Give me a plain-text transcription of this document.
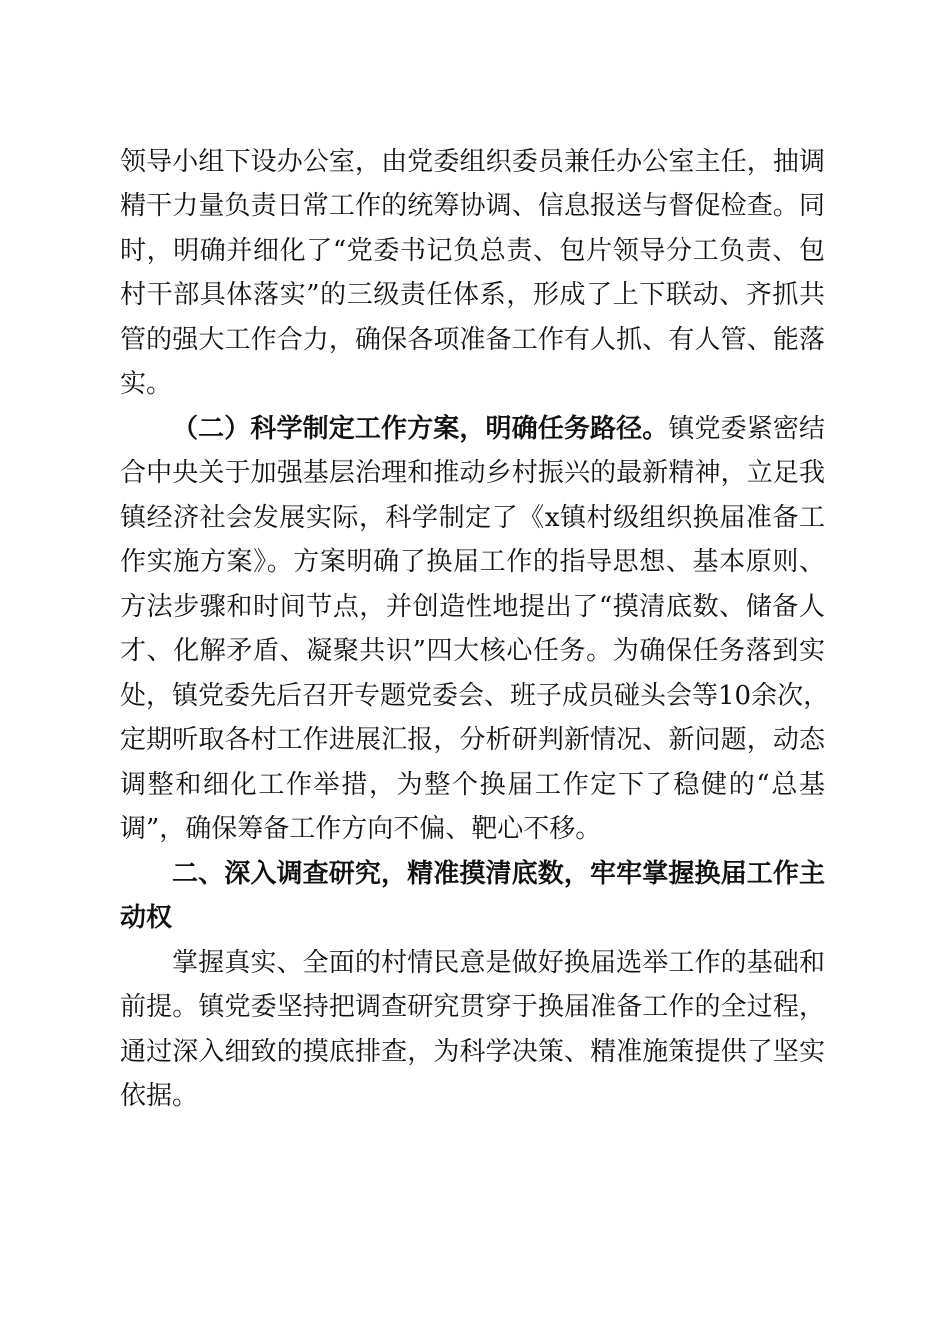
领导小组下设办公室，由党委组织委员兼任办公室主任，抽调
精干力量负责日常工作的统筹协调、信息报送与督促检查。同
时，明确并细化了“党委书记负总责、包片领导分工负责、包
村干部具体落实”的三级责任体系，形成了上下联动、齐抓共
管的强大工作合力，确保各项准备工作有人抓、有人管、能落
实。
（二）科学制定工作方案，明确任务路径。镇党委紧密结
合中央关于加强基层治理和推动乡村振兴的最新精神，立足我
镇经济社会发展实际，科学制定了《x镇村级组织换届准备工
作实施方案》。方案明确了换届工作的指导思想、基本原则、
方法步骤和时间节点，并创造性地提出了“摸清底数、储备人
才、化解矛盾、凝聚共识”四大核心任务。为确保任务落到实
处，镇党委先后召开专题党委会、班子成员碰头会等10余次，
定期听取各村工作进展汇报，分析研判新情况、新问题，动态
调整和细化工作举措，为整个换届工作定下了稳健的“总基
调”，确保筹备工作方向不偏、靶心不移。
二、深入调查研究，精准摸清底数，牢牢掌握换届工作主
动权
掌握真实、全面的村情民意是做好换届选举工作的基础和
前提。镇党委坚持把调查研究贯穿于换届准备工作的全过程，
通过深入细致的摸底排查，为科学决策、精准施策提供了坚实
依据。
